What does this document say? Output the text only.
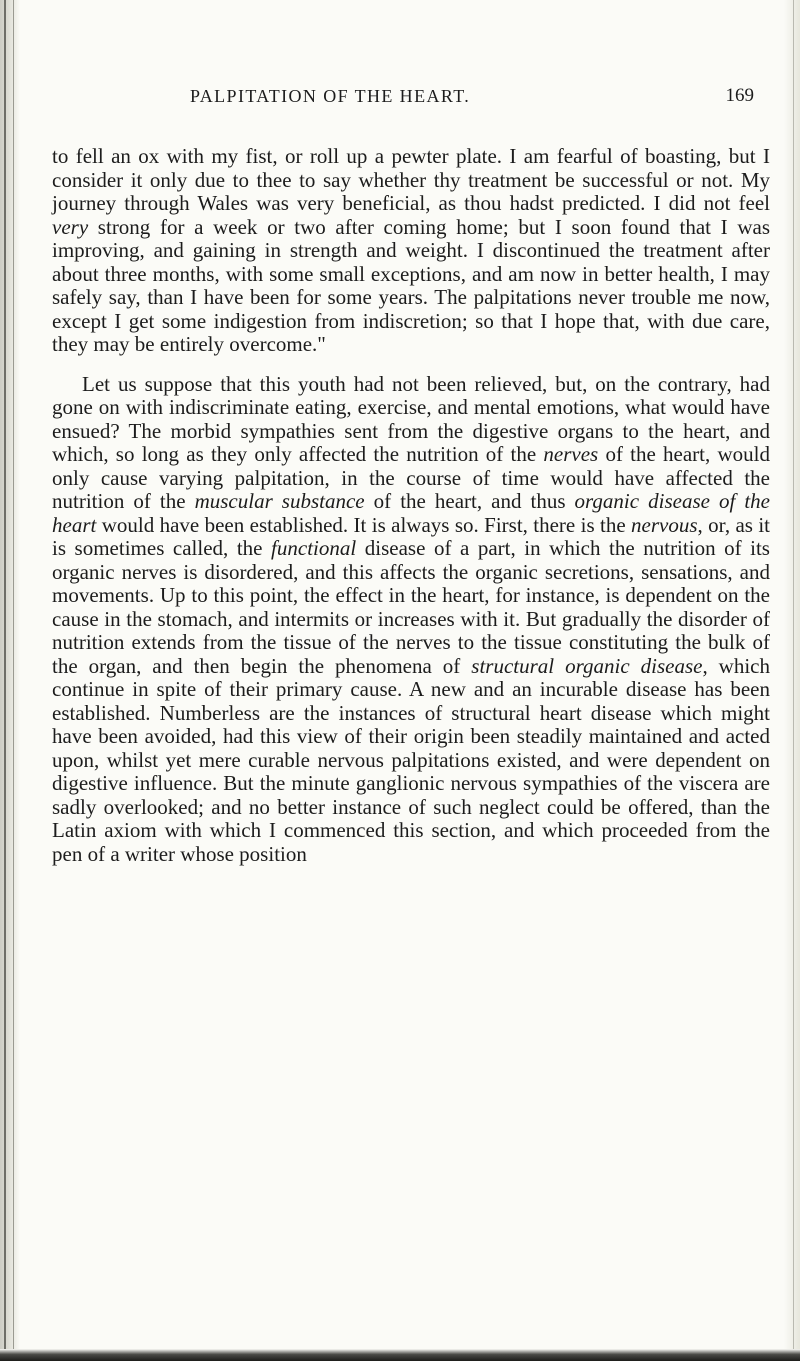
PALPITATION OF THE HEART.	169

to fell an ox with my fist, or roll up a pewter plate. I am fearful of boasting, but I consider it only due to thee to say whether thy treatment be successful or not. My journey through Wales was very beneficial, as thou hadst predicted. I did not feel very strong for a week or two after coming home; but I soon found that I was improving, and gaining in strength and weight. I discontinued the treatment after about three months, with some small exceptions, and am now in better health, I may safely say, than I have been for some years. The palpitations never trouble me now, except I get some indigestion from indiscretion; so that I hope that, with due care, they may be entirely overcome."

Let us suppose that this youth had not been relieved, but, on the contrary, had gone on with indiscriminate eating, exercise, and mental emotions, what would have ensued? The morbid sympathies sent from the digestive organs to the heart, and which, so long as they only affected the nutrition of the nerves of the heart, would only cause varying palpitation, in the course of time would have affected the nutrition of the muscular substance of the heart, and thus organic disease of the heart would have been established. It is always so. First, there is the nervous, or, as it is sometimes called, the functional disease of a part, in which the nutrition of its organic nerves is disordered, and this affects the organic secretions, sensations, and movements. Up to this point, the effect in the heart, for instance, is dependent on the cause in the stomach, and intermits or increases with it. But gradually the disorder of nutrition extends from the tissue of the nerves to the tissue constituting the bulk of the organ, and then begin the phenomena of structural organic disease, which continue in spite of their primary cause. A new and an incurable disease has been established. Numberless are the instances of structural heart disease which might have been avoided, had this view of their origin been steadily maintained and acted upon, whilst yet mere curable nervous palpitations existed, and were dependent on digestive influence. But the minute ganglionic nervous sympathies of the viscera are sadly overlooked; and no better instance of such neglect could be offered, than the Latin axiom with which I commenced this section, and which proceeded from the pen of a writer whose position
